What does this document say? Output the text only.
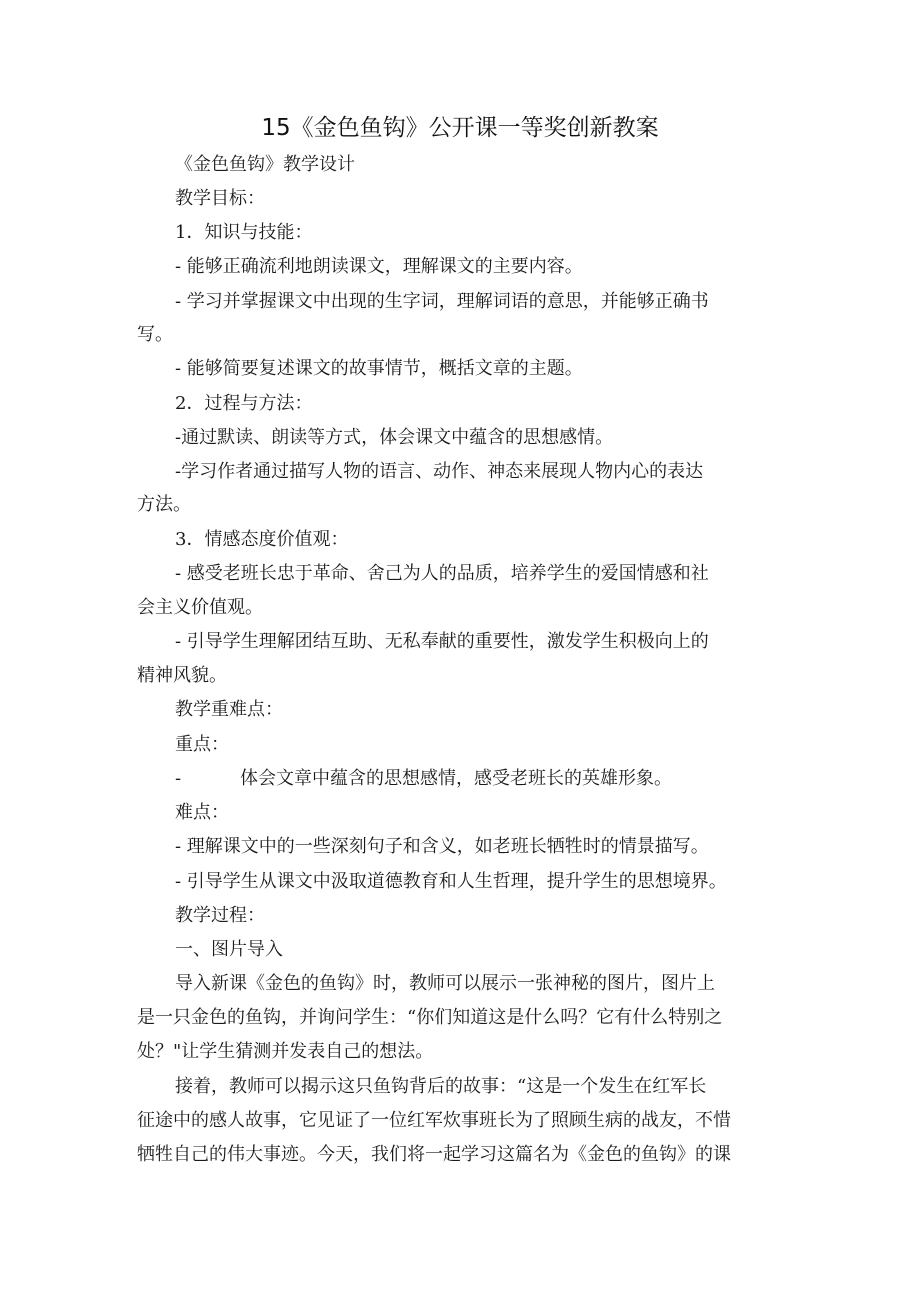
15《金色鱼钩》公开课一等奖创新教案

《金色鱼钩》教学设计

教学目标：

1．知识与技能：

- 能够正确流利地朗读课文，理解课文的主要内容。

- 学习并掌握课文中出现的生字词，理解词语的意思，并能够正确书

写。

- 能够简要复述课文的故事情节，概括文章的主题。

2．过程与方法：

-通过默读、朗读等方式，体会课文中蕴含的思想感情。

-学习作者通过描写人物的语言、动作、神态来展现人物内心的表达

方法。

3．情感态度价值观：

- 感受老班长忠于革命、舍己为人的品质，培养学生的爱国情感和社

会主义价值观。

- 引导学生理解团结互助、无私奉献的重要性，激发学生积极向上的

精神风貌。

教学重难点：

重点：

-	体会文章中蕴含的思想感情，感受老班长的英雄形象。

难点：

- 理解课文中的一些深刻句子和含义，如老班长牺牲时的情景描写。

- 引导学生从课文中汲取道德教育和人生哲理，提升学生的思想境界。

教学过程：

一、图片导入

导入新课《金色的鱼钩》时，教师可以展示一张神秘的图片，图片上

是一只金色的鱼钩，并询问学生：“你们知道这是什么吗？它有什么特别之

处？"让学生猜测并发表自己的想法。

接着，教师可以揭示这只鱼钩背后的故事：“这是一个发生在红军长

征途中的感人故事，它见证了一位红军炊事班长为了照顾生病的战友，不惜

牺牲自己的伟大事迹。今天，我们将一起学习这篇名为《金色的鱼钩》的课
